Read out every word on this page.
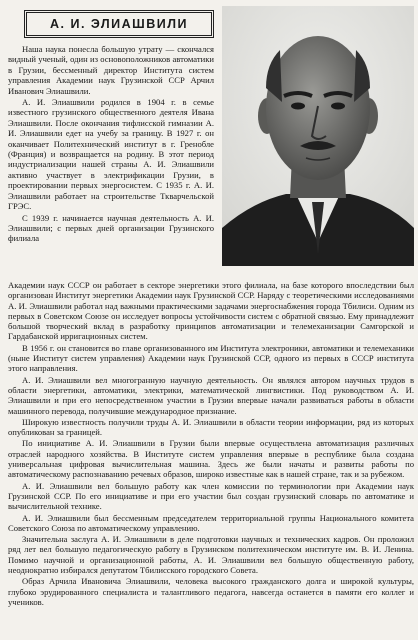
А. И. ЭЛИАШВИЛИ

Наша наука понесла большую утрату — скончался видный ученый, один из основоположников автоматики в Грузии, бессменный директор Института систем управления Академии наук Грузинской ССР Арчил Иванович Элиашвили.

А. И. Элиашвили родился в 1904 г. в семье известного грузинского общественного деятеля Ивана Элиашвили. После окончания тифлисской гимназии А. И. Элиашвили едет на учебу за границу. В 1927 г. он оканчивает Политехнический институт в г. Гренобле (Франция) и возвращается на родину. В этот период индустриализации нашей страны А. И. Элиашвили активно участвует в электрификации Грузии, в проектировании первых энергосистем. С 1935 г. А. И. Элиашвили работает на строительстве Ткварчельской ГРЭС.

С 1939 г. начинается научная деятельность А. И. Элиашвили; с первых дней организации Грузинского филиала

Академии наук СССР он работает в секторе энергетики этого филиала, на базе которого впоследствии был организован Институт энергетики Академии наук Грузинской ССР. Наряду с теоретическими исследованиями А. И. Элиашвили работал над важными практическими задачами энергоснабжения города Тбилиси. Одним из первых в Советском Союзе он исследует вопросы устойчивости систем с обратной связью. Ему принадлежит большой творческий вклад в разработку принципов автоматизации и телемеханизации Самгорской и Гардабанской ирригационных систем.

В 1956 г. он становится во главе организованного им Института электроники, автоматики и телемеханики (ныне Институт систем управления) Академии наук Грузинской ССР, одного из первых в СССР института этого направления.

А. И. Элиашвили вел многогранную научную деятельность. Он являлся автором научных трудов в области энергетики, автоматики, электрики, математической лингвистики. Под руководством А. И. Элиашвили и при его непосредственном участии в Грузии впервые начали развиваться работы в области машинного перевода, получившие международное признание.

Широкую известность получили труды А. И. Элиашвили в области теории информации, ряд из которых опубликован за границей.

По инициативе А. И. Элиашвили в Грузии были впервые осуществлена автоматизация различных отраслей народного хозяйства. В Институте систем управления впервые в республике была создана универсальная цифровая вычислительная машина. Здесь же были начаты и развиты работы по автоматическому распознаванию речевых образов, широко известные как в нашей стране, так и за рубежом.

А. И. Элиашвили вел большую работу как член комиссии по терминологии при Академии наук Грузинской ССР. По его инициативе и при его участии был создан грузинский словарь по автоматике и вычислительной технике.

А. И. Элиашвили был бессменным председателем территориальной группы Национального комитета Советского Союза по автоматическому управлению.

Значительна заслуга А. И. Элиашвили в деле подготовки научных и технических кадров. Он проложил ряд лет вел большую педагогическую работу в Грузинском политехническом институте им. В. И. Ленина. Помимо научной и организационной работы, А. И. Элиашвили вел большую общественную работу, неоднократно избирался депутатом Тбилисского городского Совета.

Образ Арчила Ивановича Элиашвили, человека высокого гражданского долга и широкой культуры, глубоко эрудированного специалиста и талантливого педагога, навсегда останется в памяти его коллег и учеников.
